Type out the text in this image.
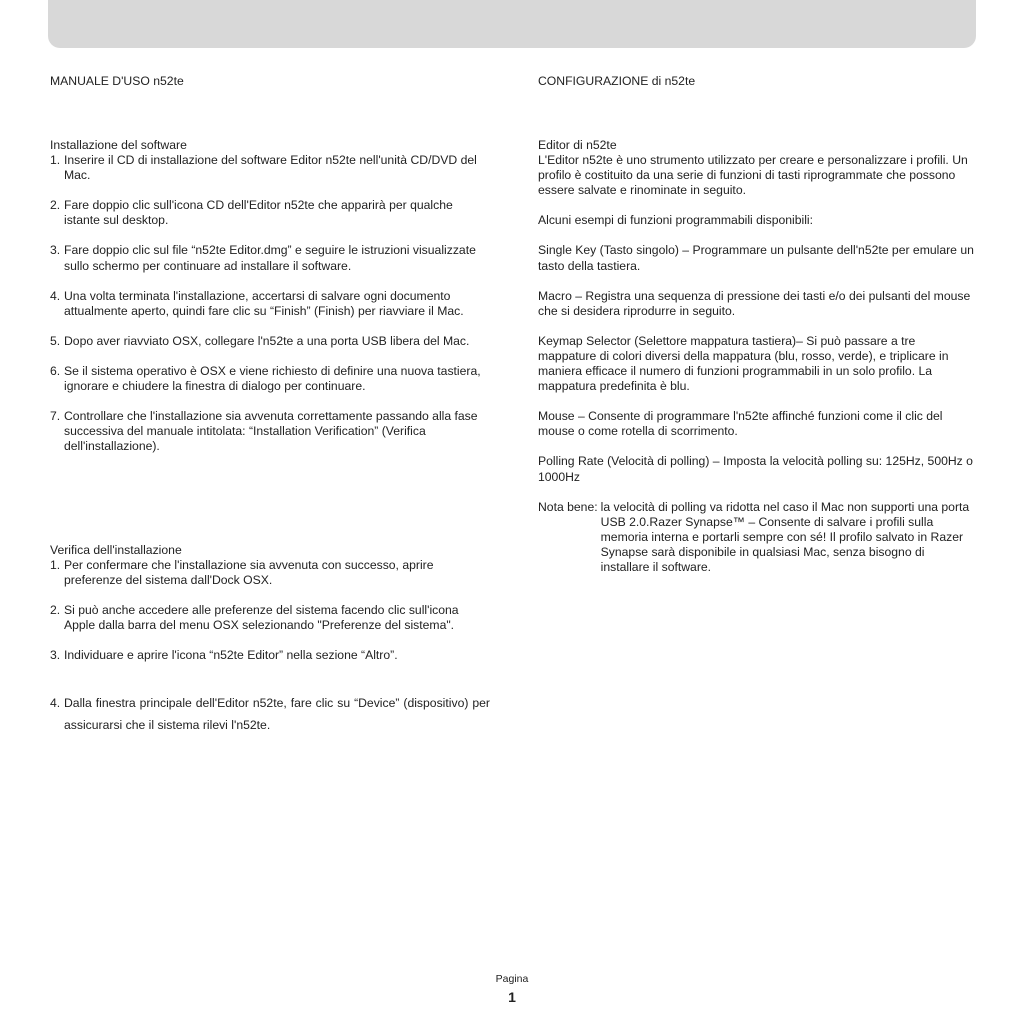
MANUALE D'USO n52te
Installazione del software
1. Inserire il CD di installazione del software Editor n52te nell'unità CD/DVD del Mac.
2. Fare doppio clic sull'icona CD dell'Editor n52te che apparirà per qualche istante sul desktop.
3. Fare doppio clic sul file “n52te Editor.dmg” e seguire le istruzioni visualizzate sullo schermo per continuare ad installare il software.
4. Una volta terminata l'installazione, accertarsi di salvare ogni documento attualmente aperto, quindi fare clic su “Finish” (Finish) per riavviare il Mac.
5. Dopo aver riavviato OSX, collegare l'n52te a una porta USB libera del Mac.
6. Se il sistema operativo è OSX e viene richiesto di definire una nuova tastiera, ignorare e chiudere la finestra di dialogo per continuare.
7. Controllare che l'installazione sia avvenuta correttamente passando alla fase successiva del manuale intitolata: “Installation Verification” (Verifica dell'installazione).
Verifica dell'installazione
1. Per confermare che l'installazione sia avvenuta con successo, aprire preferenze del sistema dall'Dock OSX.
2. Si può anche accedere alle preferenze del sistema facendo clic sull'icona Apple dalla barra del menu OSX selezionando "Preferenze del sistema".
3. Individuare e aprire l'icona “n52te Editor” nella sezione “Altro”.
4. Dalla finestra principale dell'Editor n52te, fare clic su “Device” (dispositivo) per assicurarsi che il sistema rilevi l'n52te.
CONFIGURAZIONE di n52te
Editor di n52te

L'Editor n52te è uno strumento utilizzato per creare e personalizzare i profili. Un profilo è costituito da una serie di funzioni di tasti riprogrammate che possono essere salvate e rinominate in seguito.

Alcuni esempi di funzioni programmabili disponibili:

Single Key (Tasto singolo) – Programmare un pulsante dell'n52te per emulare un tasto della tastiera.

Macro – Registra una sequenza di pressione dei tasti e/o dei pulsanti del mouse che si desidera riprodurre in seguito.

Keymap Selector (Selettore mappatura tastiera)– Si può passare a tre mappature di colori diversi della mappatura (blu, rosso, verde), e triplicare in maniera efficace il numero di funzioni programmabili in un solo profilo. La mappatura predefinita è blu.

Mouse – Consente di programmare l'n52te affinché funzioni come il clic del mouse o come rotella di scorrimento.

Polling Rate (Velocità di polling) – Imposta la velocità polling su: 125Hz, 500Hz o 1000Hz

Nota bene: la velocità di polling va ridotta nel caso il Mac non supporti una porta USB 2.0.Razer Synapse™ – Consente di salvare i profili sulla memoria interna e portarli sempre con sé! Il profilo salvato in Razer Synapse sarà disponibile in qualsiasi Mac, senza bisogno di installare il software.
Pagina
1
